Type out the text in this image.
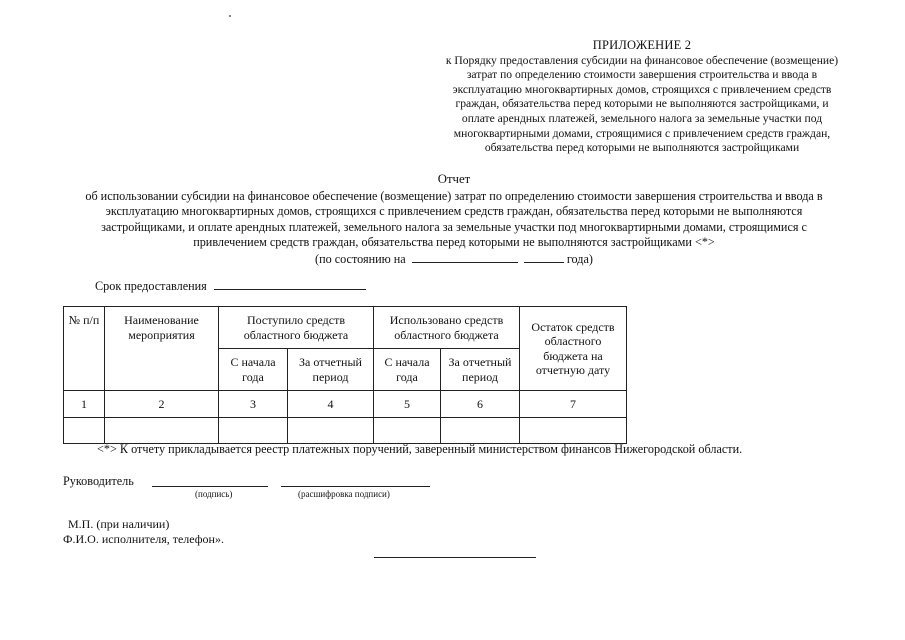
ПРИЛОЖЕНИЕ 2
к Порядку предоставления субсидии на финансовое обеспечение (возмещение)
затрат по определению стоимости завершения строительства и ввода в
эксплуатацию многоквартирных домов, строящихся с привлечением средств
граждан, обязательства перед которыми не выполняются застройщиками, и
оплате арендных платежей, земельного налога за земельные участки под
многоквартирными домами, строящимися с привлечением средств граждан,
обязательства перед которыми не выполняются застройщиками
Отчет
об использовании субсидии на финансовое обеспечение (возмещение) затрат по определению стоимости завершения строительства и ввода в
эксплуатацию многоквартирных домов, строящихся с привлечением средств граждан, обязательства перед которыми не выполняются
застройщиками, и оплате арендных платежей, земельного налога за земельные участки под многоквартирными домами, строящимися с
привлечением средств граждан, обязательства перед которыми не выполняются застройщиками <*>
(по состоянию на	года)
Срок предоставления
№ п/п	Наименование мероприятия	Поступило средств областного бюджета		Использовано средств областного бюджета		Остаток средств областного бюджета на отчетную дату
		С начала года	За отчетный период	С начала года	За отчетный период	
1	2	3	4	5	6	7

<*> К отчету прикладывается реестр платежных поручений, заверенный министерством финансов Нижегородской области.
Руководитель
(подпись)	(расшифровка подписи)
М.П. (при наличии)
Ф.И.О. исполнителя, телефон».
